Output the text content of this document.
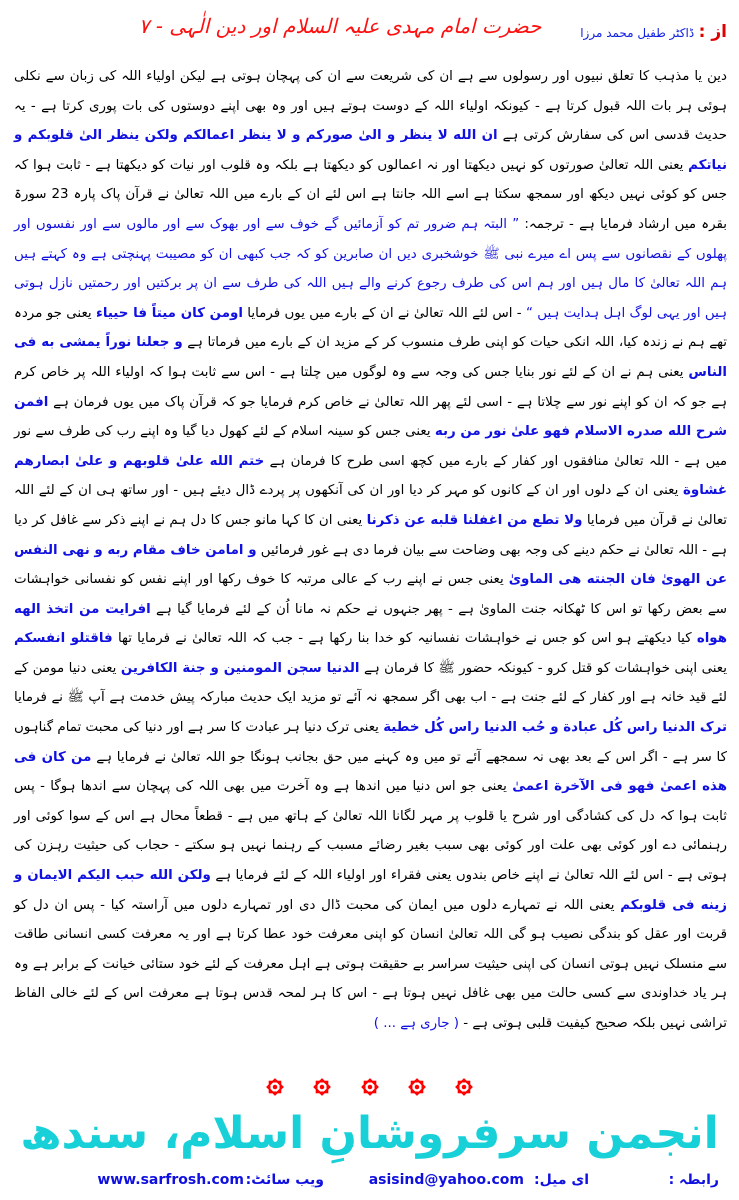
از : ڈاکٹر طفیل محمد مرزا
حضرت امام مہدی علیہ السلام اور دین الٰہی - ۷
دین یا مذہب کا تعلق نبیوں اور رسولوں سے ہے ان کی شریعت سے ان کی پہچان ہوتی ہے لیکن اولیاء اللہ کی زبان سے نکلی ہوئی ہر بات اللہ قبول کرتا ہے - کیونکہ اولیاء اللہ کے دوست ہوتے ہیں اور وہ بھی اپنے دوستوں کی بات پوری کرتا ہے - یہ حدیث قدسی اس کی سفارش کرتی ہے ان الله لا ینظر و الیٰ صورکم و لا ینظر اعمالکم ولکن ینظر الیٰ قلوبکم و نیاتکم یعنی اللہ تعالیٰ صورتوں کو نہیں دیکھتا اور نہ اعمالوں کو دیکھتا ہے بلکہ وہ قلوب اور نیات کو دیکھتا ہے - ثابت ہوا کہ جس کو کوئی نہیں دیکھ اور سمجھ سکتا ہے اسے اللہ جانتا ہے اس لئے ان کے بارے میں اللہ تعالیٰ نے قرآن پاک پارہ 23 سورۃ بقرہ میں ارشاد فرمایا ہے - ترجمہ: ” البتہ ہم ضرور تم کو آزمائیں گے خوف سے اور بھوک سے اور مالوں سے اور نفسوں اور پھلوں کے نقصانوں سے پس اے میرے نبی ﷺ خوشخبری دیں ان صابرین کو کہ جب کبھی ان کو مصیبت پہنچتی ہے وہ کہتے ہیں ہم اللہ تعالیٰ کا مال ہیں اور ہم اس کی طرف رجوع کرنے والے ہیں اللہ کی طرف سے ان پر برکتیں اور رحمتیں نازل ہوتی ہیں اور یہی لوگ اہل ہدایت ہیں “ - اس لئے اللہ تعالیٰ نے ان کے بارے میں یوں فرمایا اومن کان میتاً فا حییاء یعنی جو مردہ تھے ہم نے زندہ کیا، اللہ انکی حیات کو اپنی طرف منسوب کر کے مزید ان کے بارے میں فرماتا ہے و جعلنا نوراً یمشی به فی الناس یعنی ہم نے ان کے لئے نور بنایا جس کی وجہ سے وہ لوگوں میں چلتا ہے - اس سے ثابت ہوا کہ اولیاء اللہ پر خاص کرم ہے جو کہ ان کو اپنے نور سے چلاتا ہے - اسی لئے پھر اللہ تعالیٰ نے خاص کرم فرمایا جو کہ قرآن پاک میں یوں فرمان ہے افمن شرح الله صدره الاسلام فهو علیٰ نور من ربه یعنی جس کو سینہ اسلام کے لئے کھول دیا گیا وہ اپنے رب کی طرف سے نور میں ہے - اللہ تعالیٰ منافقوں اور کفار کے بارے میں کچھ اسی طرح کا فرمان ہے ختم الله علیٰ قلوبهم و علیٰ ابصارهم غشاوة یعنی ان کے دلوں اور ان کے کانوں کو مہر کر دیا اور ان کی آنکھوں پر پردے ڈال دیئے ہیں - اور ساتھ ہی ان کے لئے اللہ تعالیٰ نے قرآن میں فرمایا ولا تطع من اغفلنا قلبه عن ذکرنا یعنی ان کا کہا مانو جس کا دل ہم نے اپنے ذکر سے غافل کر دیا ہے - اللہ تعالیٰ نے حکم دینے کی وجہ بھی وضاحت سے بیان فرما دی ہے غور فرمائیں و امامن خاف مقام ربه و نهی النفس عن الهویٰ فان الجنته هی الماویٰ یعنی جس نے اپنے رب کے عالی مرتبہ کا خوف رکھا اور اپنے نفس کو نفسانی خواہشات سے بعض رکھا تو اس کا ٹھکانہ جنت الماویٰ ہے - پھر جنہوں نے حکم نہ مانا اُن کے لئے فرمایا گیا ہے افرایت من اتخذ الهه هواه کیا دیکھتے ہو اس کو جس نے خواہشات نفسانیہ کو خدا بنا رکھا ہے - جب کہ اللہ تعالیٰ نے فرمایا تھا فاقتلو انفسکم یعنی اپنی خواہشات کو قتل کرو - کیونکہ حضور ﷺ کا فرمان ہے الدنیا سجن المومنین و جنة الکافرین یعنی دنیا مومن کے لئے قید خانہ ہے اور کفار کے لئے جنت ہے - اب بھی اگر سمجھ نہ آئے تو مزید ایک حدیث مبارکہ پیش خدمت ہے آپ ﷺ نے فرمایا ترک الدنیا راس کُل عبادة و حُب الدنیا راس کُل خطیة یعنی ترک دنیا ہر عبادت کا سر ہے اور دنیا کی محبت تمام گناہوں کا سر ہے - اگر اس کے بعد بھی نہ سمجھے آئے تو میں وہ کہنے میں حق بجانب ہونگا جو اللہ تعالیٰ نے فرمایا ہے من کان فی هذه اعمیٰ فهو فی الآخرة اعمیٰ یعنی جو اس دنیا میں اندھا ہے وہ آخرت میں بھی اللہ کی پہچان سے اندھا ہوگا - پس ثابت ہوا کہ دل کی کشادگی اور شرح یا قلوب پر مہر لگانا اللہ تعالیٰ کے ہاتھ میں ہے - قطعاً محال ہے اس کے سوا کوئی اور رہنمائی دے اور کوئی بھی علت اور کوئی بھی سبب بغیر رضائے مسبب کے رہنما نہیں ہو سکتے - حجاب کی حیثیت رہزن کی ہوتی ہے - اس لئے اللہ تعالیٰ نے اپنے خاص بندوں یعنی فقراء اور اولیاء اللہ کے لئے فرمایا ہے ولکن الله حبب الیکم الایمان و زینه فی قلوبکم یعنی اللہ نے تمہارے دلوں میں ایمان کی محبت ڈال دی اور تمہارے دلوں میں آراستہ کیا - پس ان دل کو قربت اور عقل کو بندگی نصیب ہو گی اللہ تعالیٰ انسان کو اپنی معرفت خود عطا کرتا ہے اور یہ معرفت کسی انسانی طاقت سے منسلک نہیں ہوتی انسان کی اپنی حیثیت سراسر بے حقیقت ہوتی ہے اہل معرفت کے لئے خود ستائی خیانت کے برابر ہے وہ ہر یاد خداوندی سے کسی حالت میں بھی غافل نہیں ہوتا ہے - اس کا ہر لمحہ قدس ہوتا ہے معرفت اس کے لئے خالی الفاظ تراشی نہیں بلکہ صحیح کیفیت قلبی ہوتی ہے - ( جاری ہے ... )

انجمن سرفروشانِ اسلام، سندھ
رابطہ :
ای میل:
asisind@yahoo.com
ویب سائٹ:
www.sarfrosh.com
